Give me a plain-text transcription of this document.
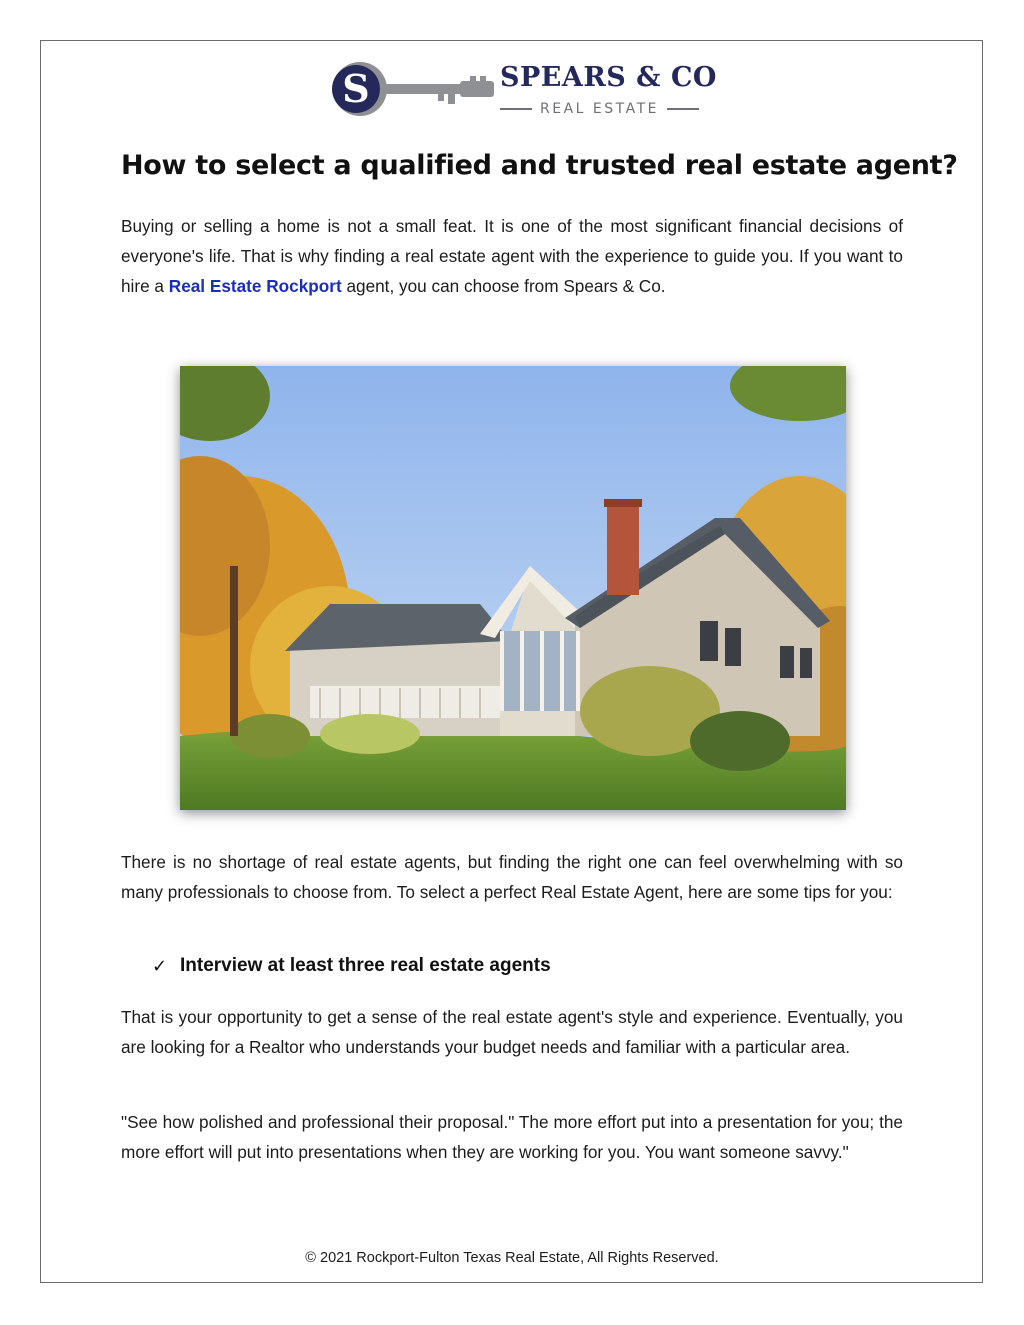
S	SPEARS & CO
REAL ESTATE
How to select a qualified and trusted real estate agent?

Buying or selling a home is not a small feat. It is one of the most significant financial decisions of everyone's life. That is why finding a real estate agent with the experience to guide you. If you want to hire a Real Estate Rockport agent, you can choose from Spears & Co.

There is no shortage of real estate agents, but finding the right one can feel overwhelming with so many professionals to choose from. To select a perfect Real Estate Agent, here are some tips for you:

✓ Interview at least three real estate agents

That is your opportunity to get a sense of the real estate agent's style and experience. Eventually, you are looking for a Realtor who understands your budget needs and familiar with a particular area.

"See how polished and professional their proposal." The more effort put into a presentation for you; the more effort will put into presentations when they are working for you. You want someone savvy."

© 2021 Rockport-Fulton Texas Real Estate, All Rights Reserved.
